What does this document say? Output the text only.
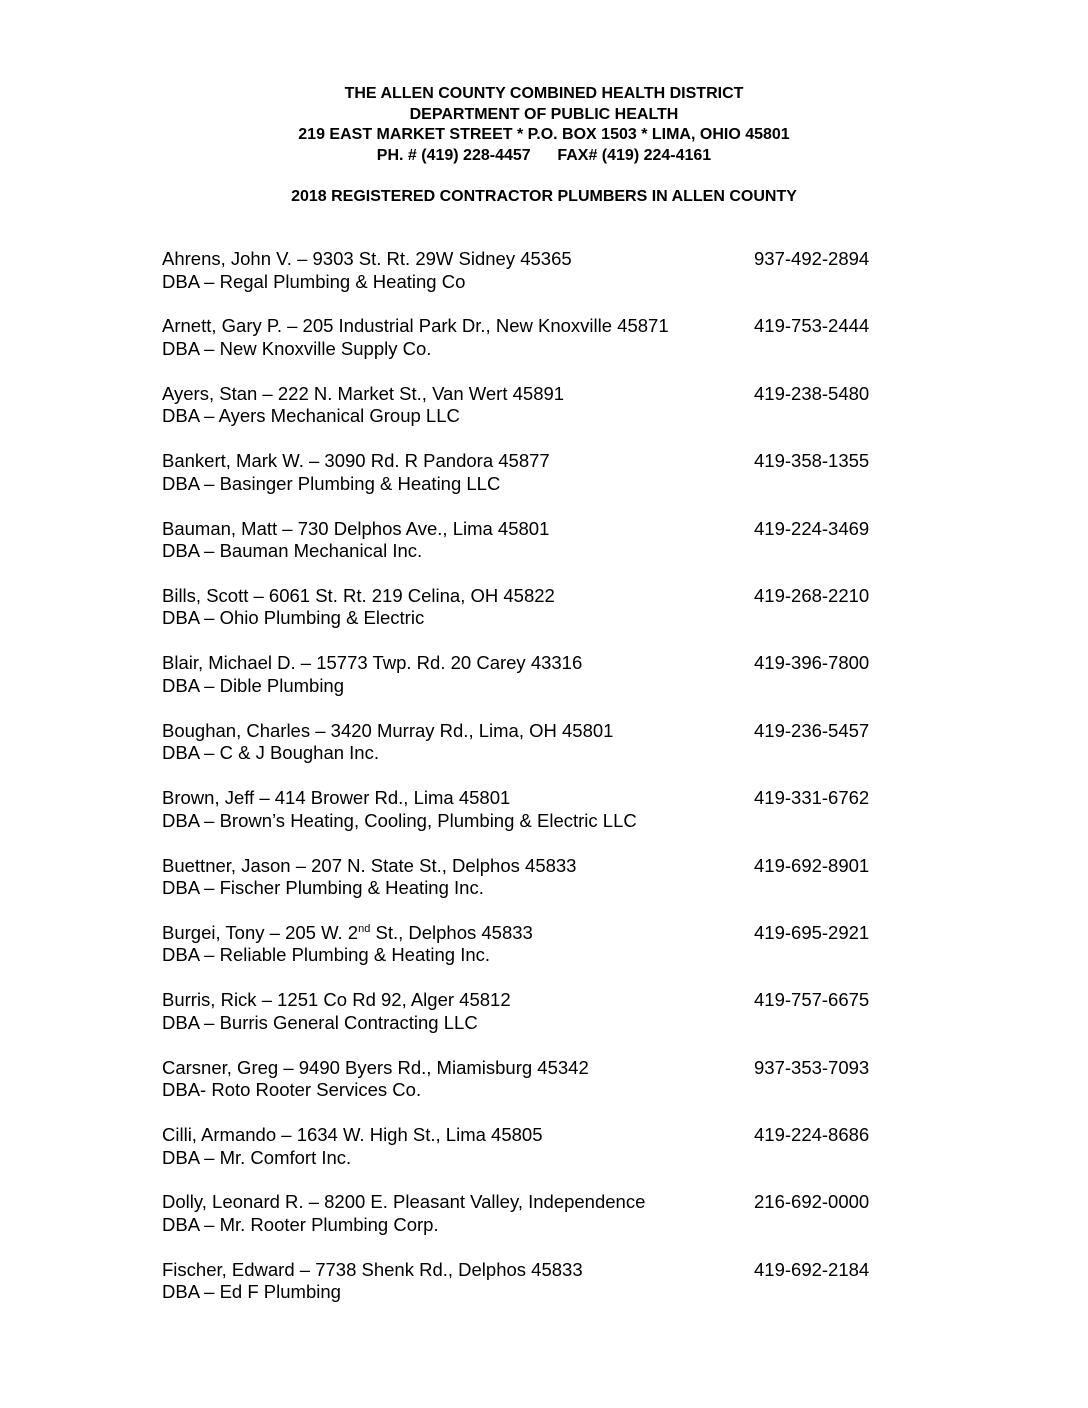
THE ALLEN COUNTY COMBINED HEALTH DISTRICT
DEPARTMENT OF PUBLIC HEALTH
219 EAST MARKET STREET * P.O. BOX 1503 * LIMA, OHIO 45801
PH. # (419) 228-4457      FAX# (419) 224-4161
2018 REGISTERED CONTRACTOR PLUMBERS IN ALLEN COUNTY
Ahrens, John V. – 9303 St. Rt. 29W Sidney 45365	937-492-2894
DBA – Regal Plumbing & Heating Co
Arnett, Gary P. – 205 Industrial Park Dr., New Knoxville 45871	419-753-2444
DBA – New Knoxville Supply Co.
Ayers, Stan – 222 N. Market St., Van Wert 45891	419-238-5480
DBA – Ayers Mechanical Group LLC
Bankert, Mark W. – 3090 Rd. R Pandora 45877	419-358-1355
DBA – Basinger Plumbing & Heating LLC
Bauman, Matt – 730 Delphos Ave., Lima 45801	419-224-3469
DBA – Bauman Mechanical Inc.
Bills, Scott – 6061 St. Rt. 219 Celina, OH 45822	419-268-2210
DBA – Ohio Plumbing & Electric
Blair, Michael D. – 15773 Twp. Rd. 20 Carey 43316	419-396-7800
DBA – Dible Plumbing
Boughan, Charles – 3420 Murray Rd., Lima, OH 45801	419-236-5457
DBA – C & J Boughan Inc.
Brown, Jeff – 414 Brower Rd., Lima 45801	419-331-6762
DBA – Brown’s Heating, Cooling, Plumbing & Electric LLC
Buettner, Jason – 207 N. State St., Delphos 45833	419-692-8901
DBA – Fischer Plumbing & Heating Inc.
Burgei, Tony – 205 W. 2nd St., Delphos 45833	419-695-2921
DBA – Reliable Plumbing & Heating Inc.
Burris, Rick – 1251 Co Rd 92, Alger 45812	419-757-6675
DBA – Burris General Contracting LLC
Carsner, Greg – 9490 Byers Rd., Miamisburg 45342	937-353-7093
DBA- Roto Rooter Services Co.
Cilli, Armando – 1634 W. High St., Lima 45805	419-224-8686
DBA – Mr. Comfort Inc.
Dolly, Leonard R. – 8200 E. Pleasant Valley, Independence	216-692-0000
DBA – Mr. Rooter Plumbing Corp.
Fischer, Edward – 7738 Shenk Rd., Delphos 45833	419-692-2184
DBA – Ed F Plumbing
